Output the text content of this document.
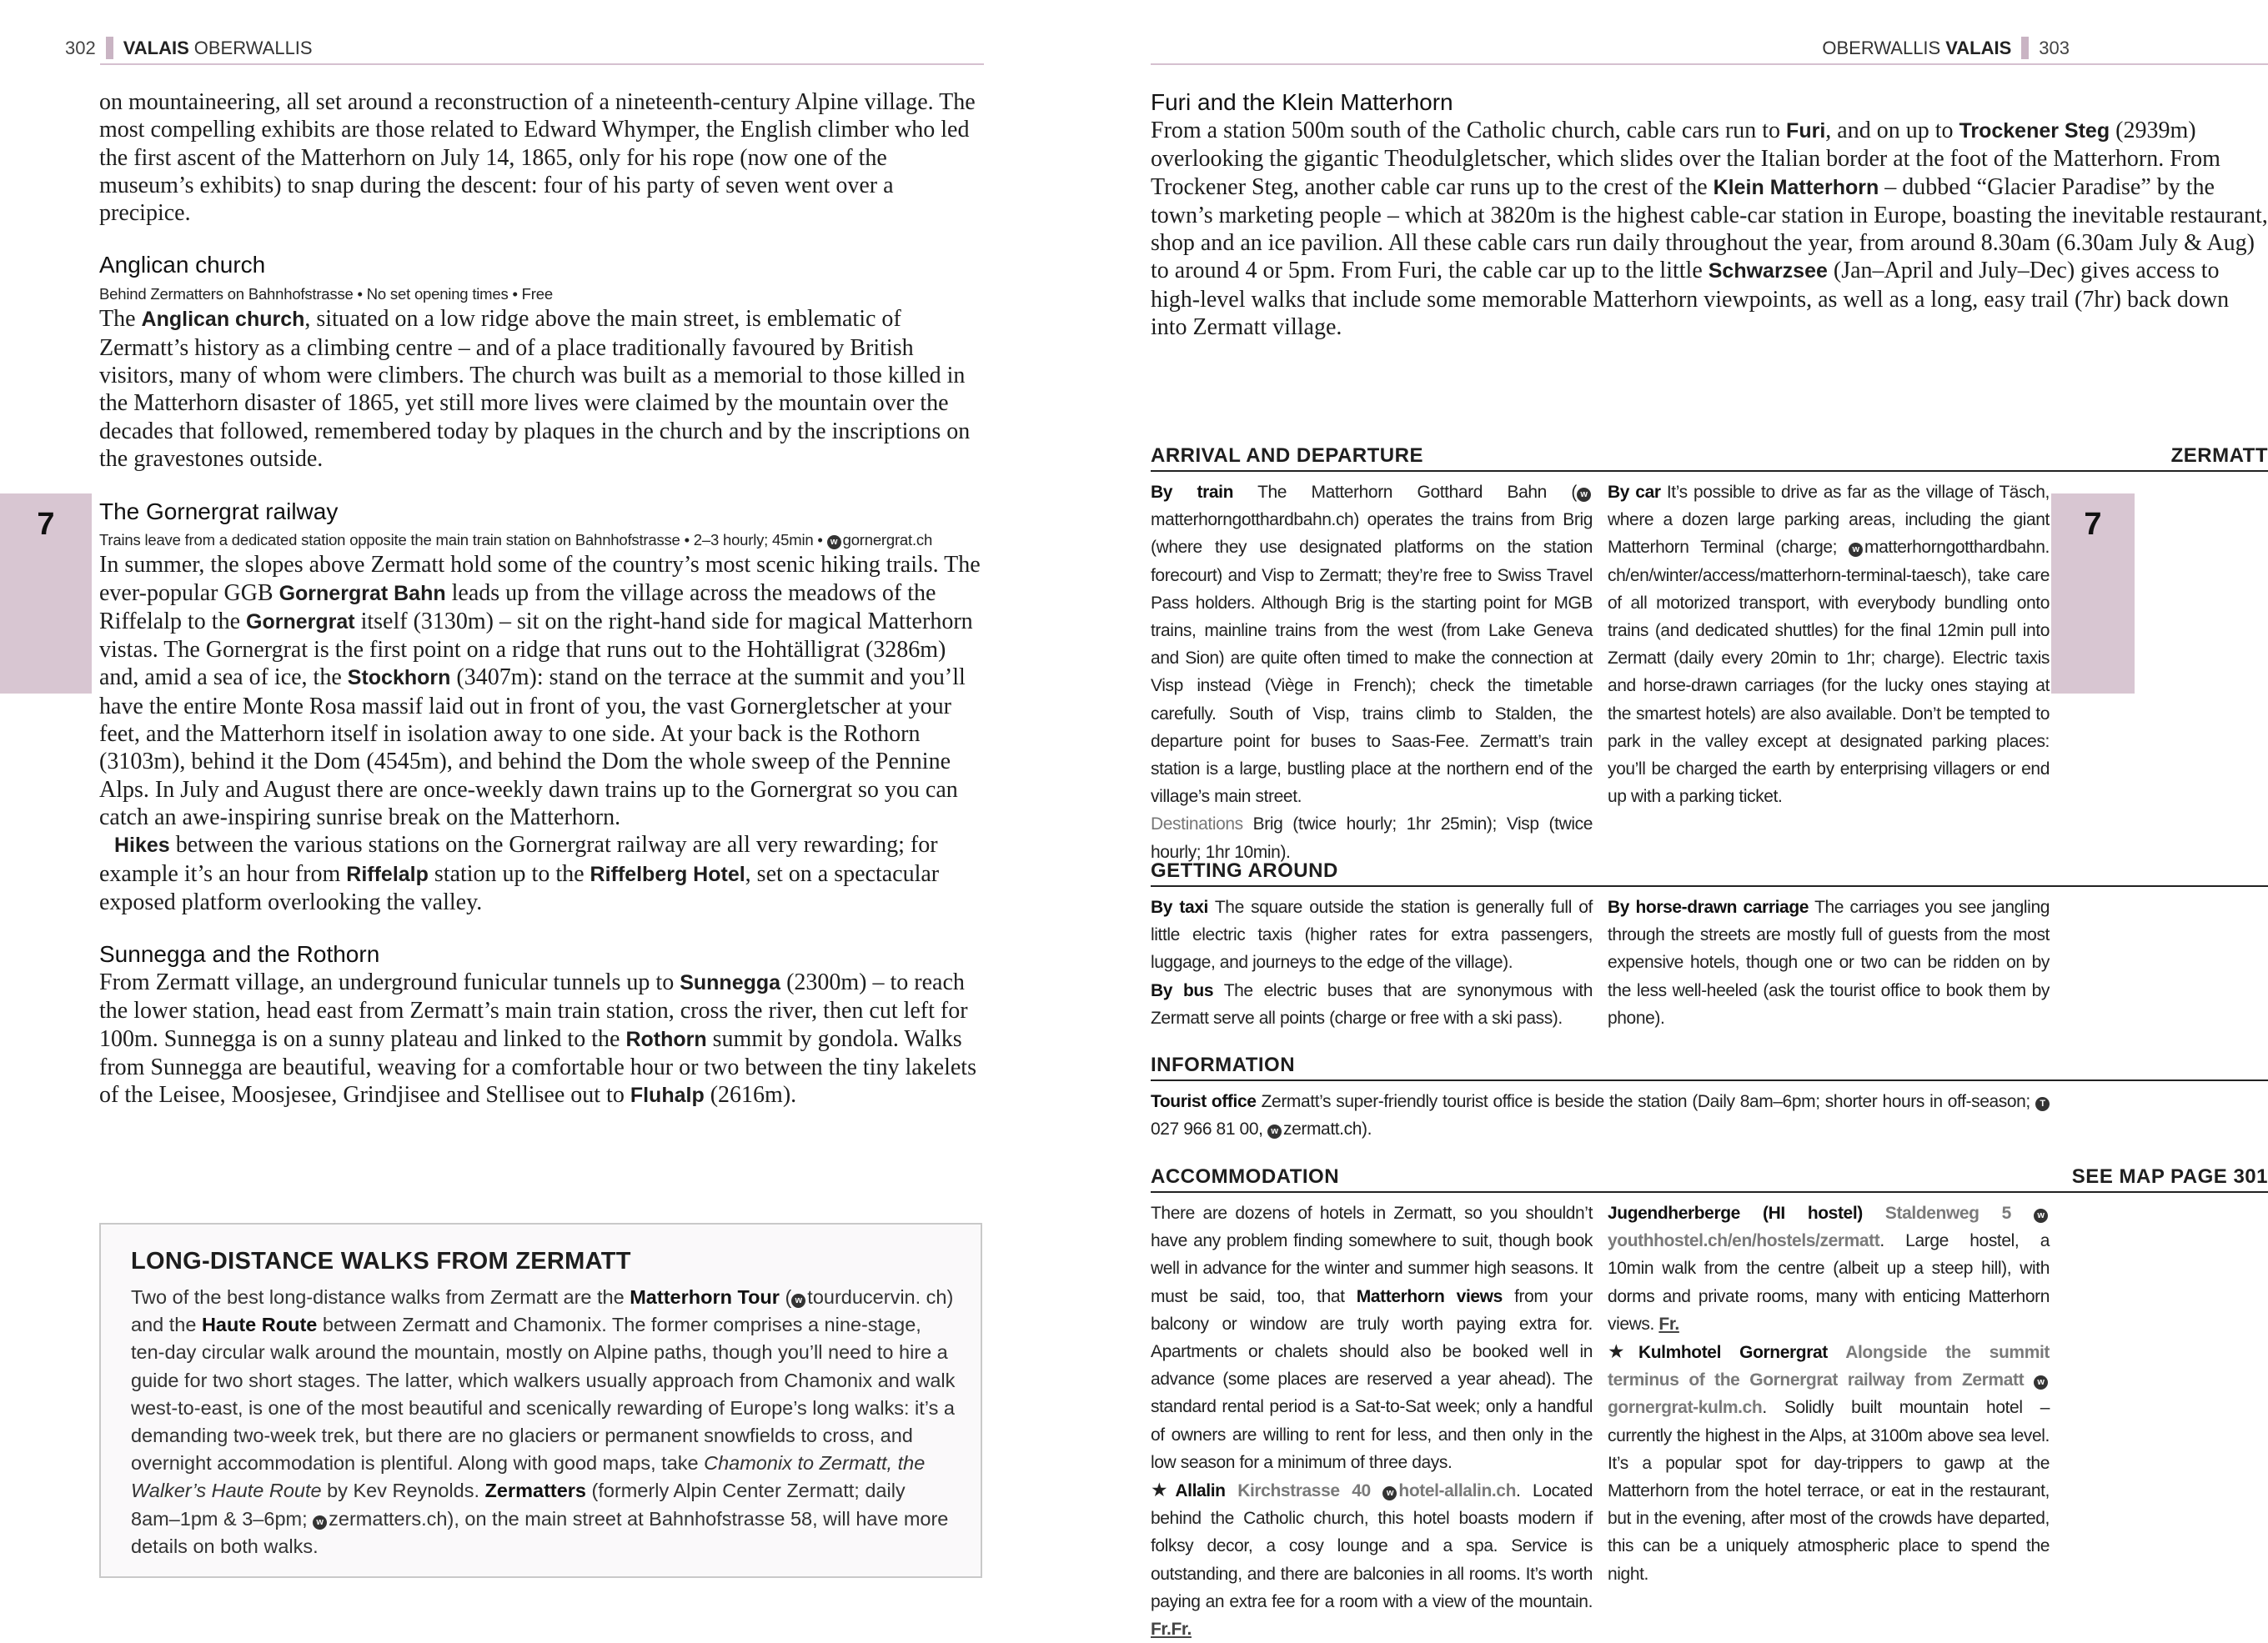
302 VALAIS OBERWALLIS
7

on mountaineering, all set around a reconstruction of a nineteenth-century Alpine village. The most compelling exhibits are those related to Edward Whymper, the English climber who led the first ascent of the Matterhorn on July 14, 1865, only for his rope (now one of the museum’s exhibits) to snap during the descent: four of his party of seven went over a precipice.

Anglican church

Behind Zermatters on Bahnhofstrasse • No set opening times • Free

The Anglican church, situated on a low ridge above the main street, is emblematic of Zermatt’s history as a climbing centre – and of a place traditionally favoured by British visitors, many of whom were climbers. The church was built as a memorial to those killed in the Matterhorn disaster of 1865, yet still more lives were claimed by the mountain over the decades that followed, remembered today by plaques in the church and by the inscriptions on the gravestones outside.

The Gornergrat railway

Trains leave from a dedicated station opposite the main train station on Bahnhofstrasse • 2–3 hourly; 45min • w gornergrat.ch

In summer, the slopes above Zermatt hold some of the country’s most scenic hiking trails. The ever-popular GGB Gornergrat Bahn leads up from the village across the meadows of the Riffelalp to the Gornergrat itself (3130m) – sit on the right-hand side for magical Matterhorn vistas. The Gornergrat is the first point on a ridge that runs out to the Hohtälligrat (3286m) and, amid a sea of ice, the Stockhorn (3407m): stand on the terrace at the summit and you’ll have the entire Monte Rosa massif laid out in front of you, the vast Gornergletscher at your feet, and the Matterhorn itself in isolation away to one side. At your back is the Rothorn (3103m), behind it the Dom (4545m), and behind the Dom the whole sweep of the Pennine Alps. In July and August there are once-weekly dawn trains up to the Gornergrat so you can catch an awe-inspiring sunrise break on the Matterhorn.

Hikes between the various stations on the Gornergrat railway are all very rewarding; for example it’s an hour from Riffelalp station up to the Riffelberg Hotel, set on a spectacular exposed platform overlooking the valley.

Sunnegga and the Rothorn

From Zermatt village, an underground funicular tunnels up to Sunnegga (2300m) – to reach the lower station, head east from Zermatt’s main train station, cross the river, then cut left for 100m. Sunnegga is on a sunny plateau and linked to the Rothorn summit by gondola. Walks from Sunnegga are beautiful, weaving for a comfortable hour or two between the tiny lakelets of the Leisee, Moosjesee, Grindjisee and Stellisee out to Fluhalp (2616m).

LONG-DISTANCE WALKS FROM ZERMATT

Two of the best long-distance walks from Zermatt are the Matterhorn Tour ( w tourducervin. ch) and the Haute Route between Zermatt and Chamonix. The former comprises a nine-stage, ten-day circular walk around the mountain, mostly on Alpine paths, though you’ll need to hire a guide for two short stages. The latter, which walkers usually approach from Chamonix and walk west-to-east, is one of the most beautiful and scenically rewarding of Europe’s long walks: it’s a demanding two-week trek, but there are no glaciers or permanent snowfields to cross, and overnight accommodation is plentiful. Along with good maps, take Chamonix to Zermatt, the Walker’s Haute Route by Kev Reynolds. Zermatters (formerly Alpin Center Zermatt; daily 8am–1pm & 3–6pm; w zermatters.ch), on the main street at Bahnhofstrasse 58, will have more details on both walks.

OBERWALLIS VALAIS 303
7
Furi and the Klein Matterhorn

From a station 500m south of the Catholic church, cable cars run to Furi, and on up to Trockener Steg (2939m) overlooking the gigantic Theodulgletscher, which slides over the Italian border at the foot of the Matterhorn. From Trockener Steg, another cable car runs up to the crest of the Klein Matterhorn – dubbed “Glacier Paradise” by the town’s marketing people – which at 3820m is the highest cable-car station in Europe, boasting the inevitable restaurant, shop and an ice pavilion. All these cable cars run daily throughout the year, from around 8.30am (6.30am July & Aug) to around 4 or 5pm. From Furi, the cable car up to the little Schwarzsee (Jan–April and July–Dec) gives access to high-level walks that include some memorable Matterhorn viewpoints, as well as a long, easy trail (7hr) back down into Zermatt village.

ARRIVAL AND DEPARTURE	ZERMATT
By train The Matterhorn Gotthard Bahn ( wmatterhorngotthardbahn.ch) operates the trains from Brig (where they use designated platforms on the station forecourt) and Visp to Zermatt; they’re free to Swiss Travel Pass holders. Although Brig is the starting point for MGB trains, mainline trains from the west (from Lake Geneva and Sion) are quite often timed to make the connection at Visp instead (Viège in French); check the timetable carefully. South of Visp, trains climb to Stalden, the departure point for buses to Saas-Fee. Zermatt’s train station is a large, bustling place at the northern end of the village’s main street.
Destinations Brig (twice hourly; 1hr 25min); Visp (twice hourly; 1hr 10min).
By car It’s possible to drive as far as the village of Täsch, where a dozen large parking areas, including the giant Matterhorn Terminal (charge; w matterhorngotthardbahn. ch/en/winter/access/matterhorn-terminal-taesch), take care of all motorized transport, with everybody bundling onto trains (and dedicated shuttles) for the final 12min pull into Zermatt (daily every 20min to 1hr; charge). Electric taxis and horse-drawn carriages (for the lucky ones staying at the smartest hotels) are also available. Don’t be tempted to park in the valley except at designated parking places: you’ll be charged the earth by enterprising villagers or end up with a parking ticket.
GETTING AROUND
By taxi The square outside the station is generally full of little electric taxis (higher rates for extra passengers, luggage, and journeys to the edge of the village).
By bus The electric buses that are synonymous with Zermatt serve all points (charge or free with a ski pass).
By horse-drawn carriage The carriages you see jangling through the streets are mostly full of guests from the most expensive hotels, though one or two can be ridden on by the less well-heeled (ask the tourist office to book them by phone).
INFORMATION
Tourist office Zermatt’s super-friendly tourist office is beside the station (Daily 8am–6pm; shorter hours in off-season; T027 966 81 00, w zermatt.ch).
ACCOMMODATION	SEE MAP PAGE 301
There are dozens of hotels in Zermatt, so you shouldn’t have any problem finding somewhere to suit, though book well in advance for the winter and summer high seasons. It must be said, too, that Matterhorn views from your balcony or window are truly worth paying extra for. Apartments or chalets should also be booked well in advance (some places are reserved a year ahead). The standard rental period is a Sat-to-Sat week; only a handful of owners are willing to rent for less, and then only in the low season for a minimum of three days.
★Allalin Kirchstrasse 40 w hotel-allalin.ch. Located behind the Catholic church, this hotel boasts modern if folksy decor, a cosy lounge and a spa. Service is outstanding, and there are balconies in all rooms. It’s worth paying an extra fee for a room with a view of the mountain. Fr.Fr.
Jugendherberge (HI hostel) Staldenweg 5 wyouthhostel.ch/en/hostels/zermatt. Large hostel, a 10min walk from the centre (albeit up a steep hill), with dorms and private rooms, many with enticing Matterhorn views. Fr.
★Kulmhotel Gornergrat Alongside the summit terminus of the Gornergrat railway from Zermatt wgornergrat-kulm.ch. Solidly built mountain hotel – currently the highest in the Alps, at 3100m above sea level. It’s a popular spot for day-trippers to gawp at the Matterhorn from the hotel terrace, or eat in the restaurant, but in the evening, after most of the crowds have departed, this can be a uniquely atmospheric place to spend the night.
